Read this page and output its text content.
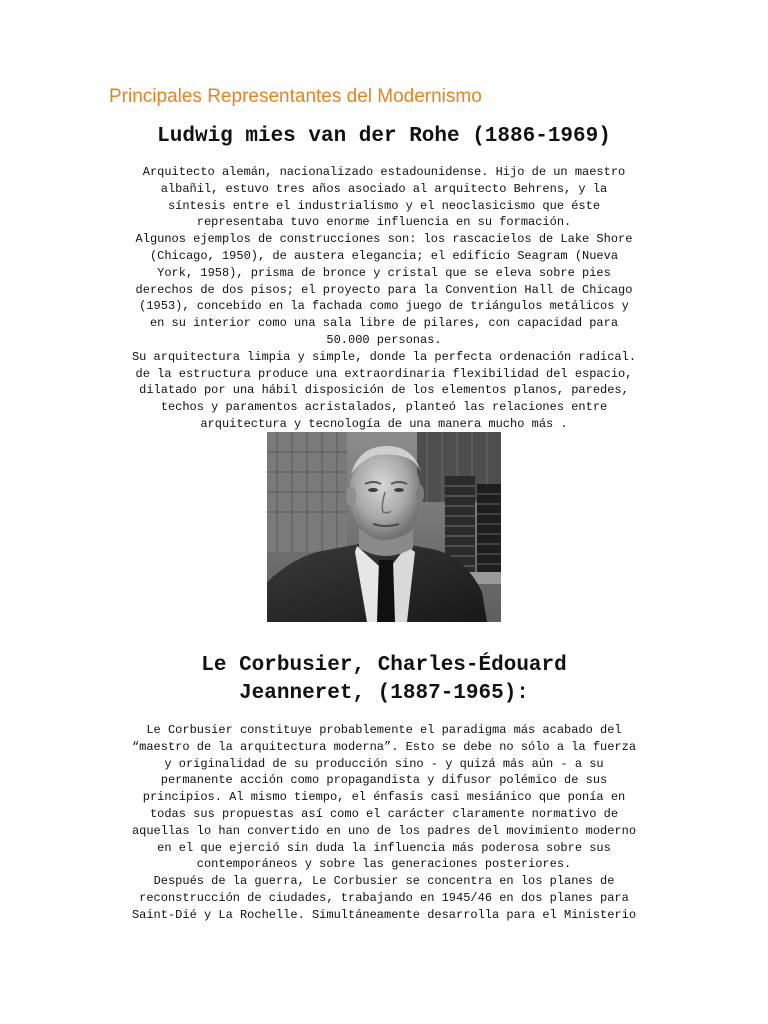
Principales Representantes del Modernismo
Ludwig mies van der Rohe (1886-1969)

Arquitecto alemán, nacionalizado estadounidense. Hijo de un maestro
albañil, estuvo tres años asociado al arquitecto Behrens, y la
síntesis entre el industrialismo y el neoclasicismo que éste
representaba tuvo enorme influencia en su formación.
Algunos ejemplos de construcciones son: los rascacielos de Lake Shore
(Chicago, 1950), de austera elegancia; el edificio Seagram (Nueva
York, 1958), prisma de bronce y cristal que se eleva sobre pies
derechos de dos pisos; el proyecto para la Convention Hall de Chicago
(1953), concebido en la fachada como juego de triángulos metálicos y
en su interior como una sala libre de pilares, con capacidad para
50.000 personas.
Su arquitectura limpia y simple, donde la perfecta ordenación radical.
de la estructura produce una extraordinaria flexibilidad del espacio,
dilatado por una hábil disposición de los elementos planos, paredes,
techos y paramentos acristalados, planteó las relaciones entre
arquitectura y tecnología de una manera mucho más .

Le Corbusier, Charles-Édouard
Jeanneret, (1887-1965):

Le Corbusier constituye probablemente el paradigma más acabado del
“maestro de la arquitectura moderna”. Esto se debe no sólo a la fuerza
y originalidad de su producción sino - y quizá más aún - a su
permanente acción como propagandista y difusor polémico de sus
principios. Al mismo tiempo, el énfasis casi mesiánico que ponía en
todas sus propuestas así como el carácter claramente normativo de
aquellas lo han convertido en uno de los padres del movimiento moderno
en el que ejerció sin duda la influencia más poderosa sobre sus
contemporáneos y sobre las generaciones posteriores.
Después de la guerra, Le Corbusier se concentra en los planes de
reconstrucción de ciudades, trabajando en 1945/46 en dos planes para
Saint-Dié y La Rochelle. Simultáneamente desarrolla para el Ministerio
